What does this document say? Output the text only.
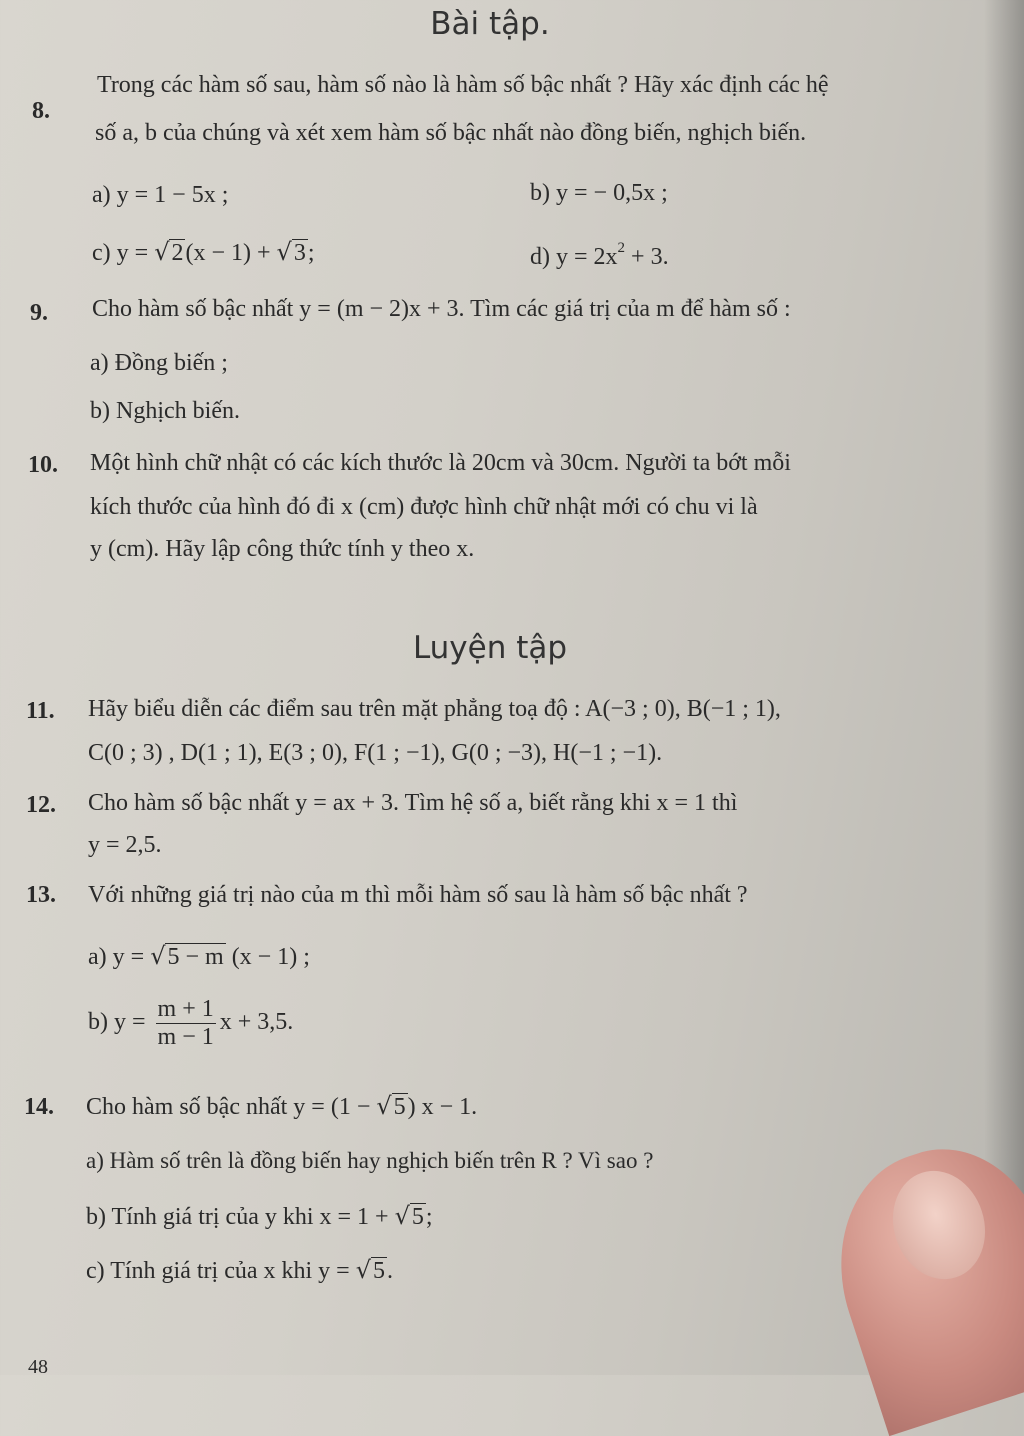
Bài tập.
8.
Trong các hàm số sau, hàm số nào là hàm số bậc nhất ? Hãy xác định các hệ
số a, b của chúng và xét xem hàm số bậc nhất nào đồng biến, nghịch biến.
a) y = 1 − 5x ;	b) y = − 0,5x ;
c) y = √2(x − 1) + √3;	d) $y = 2x^2 + 3$.
9. Cho hàm số bậc nhất y = (m − 2)x + 3. Tìm các giá trị của m để hàm số :
a) Đồng biến ;
b) Nghịch biến.
10. Một hình chữ nhật có các kích thước là 20cm và 30cm. Người ta bớt mỗi
kích thước của hình đó đi x (cm) được hình chữ nhật mới có chu vi là
y (cm). Hãy lập công thức tính y theo x.
Luyện tập
11. Hãy biểu diễn các điểm sau trên mặt phẳng toạ độ : A(−3 ; 0), B(−1 ; 1),
C(0 ; 3) , D(1 ; 1), E(3 ; 0), F(1 ; −1), G(0 ; −3), H(−1 ; −1).
12. Cho hàm số bậc nhất y = ax + 3. Tìm hệ số a, biết rằng khi x = 1 thì
y = 2,5.
13. Với những giá trị nào của m thì mỗi hàm số sau là hàm số bậc nhất ?
a) y = √5 − m (x − 1) ;
b) $y = \frac{m + 1}{m - 1}$ x + 3,5.
14. Cho hàm số bậc nhất y = (1 − √5) x − 1.
a) Hàm số trên là đồng biến hay nghịch biến trên R ? Vì sao ?
b) Tính giá trị của y khi x = 1 + √5;
c) Tính giá trị của x khi y = √5.
48
